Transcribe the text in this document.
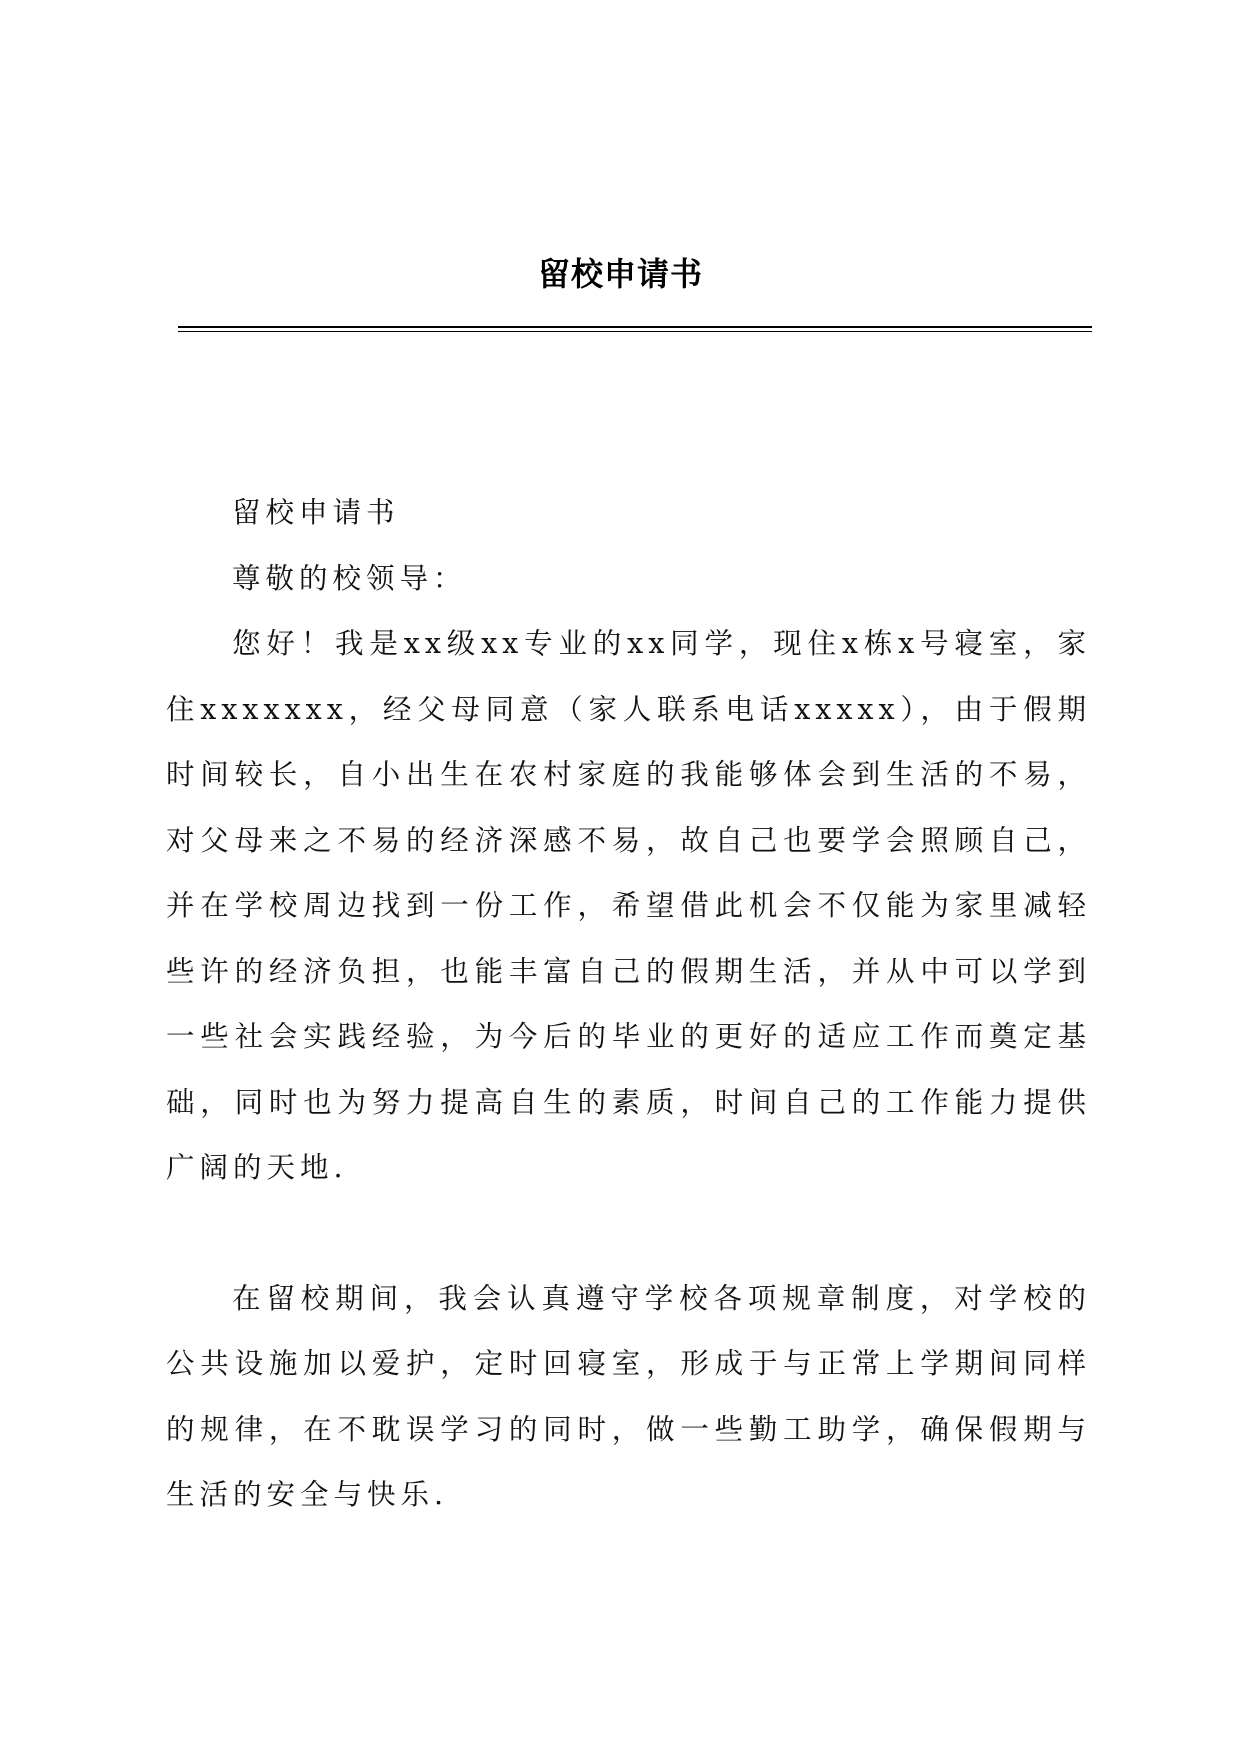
留校申请书

留校申请书

尊敬的校领导：

您好！我是xx级xx专业的xx同学，现住x栋x号寝室，家住xxxxxxx，经父母同意（家人联系电话xxxxx），由于假期时间较长，自小出生在农村家庭的我能够体会到生活的不易，对父母来之不易的经济深感不易，故自己也要学会照顾自己，并在学校周边找到一份工作，希望借此机会不仅能为家里减轻些许的经济负担，也能丰富自己的假期生活，并从中可以学到一些社会实践经验，为今后的毕业的更好的适应工作而奠定基础，同时也为努力提高自生的素质，时间自己的工作能力提供广阔的天地.

在留校期间，我会认真遵守学校各项规章制度，对学校的公共设施加以爱护，定时回寝室，形成于与正常上学期间同样的规律，在不耽误学习的同时，做一些勤工助学，确保假期与生活的安全与快乐.
